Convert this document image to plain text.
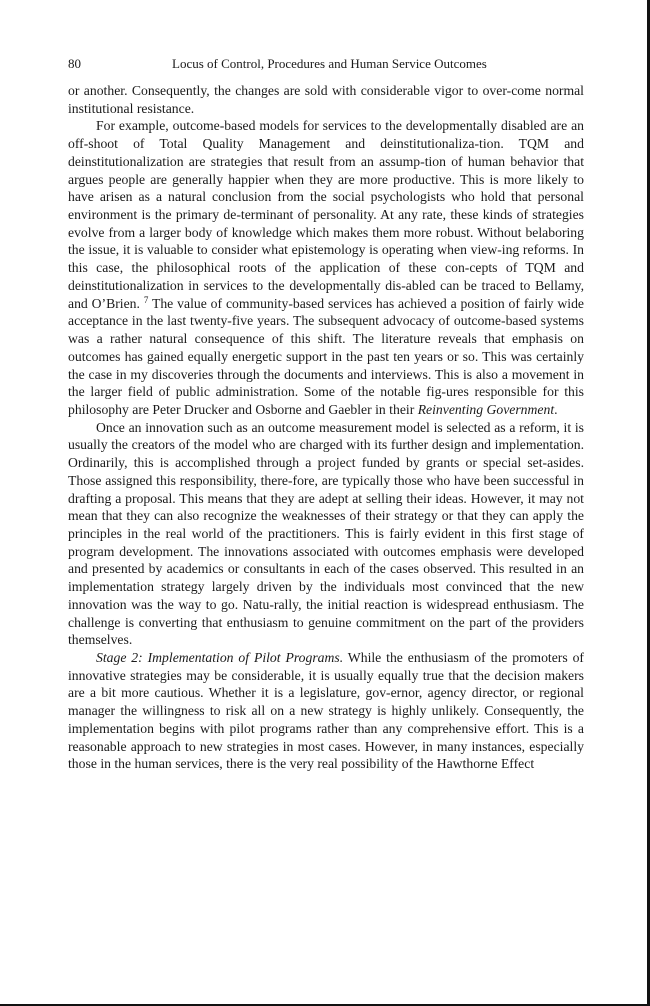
80	Locus of Control, Procedures and Human Service Outcomes

or another. Consequently, the changes are sold with considerable vigor to over-come normal institutional resistance.

For example, outcome-based models for services to the developmentally disabled are an off-shoot of Total Quality Management and deinstitutionaliza-tion. TQM and deinstitutionalization are strategies that result from an assump-tion of human behavior that argues people are generally happier when they are more productive. This is more likely to have arisen as a natural conclusion from the social psychologists who hold that personal environment is the primary de-terminant of personality. At any rate, these kinds of strategies evolve from a larger body of knowledge which makes them more robust. Without belaboring the issue, it is valuable to consider what epistemology is operating when view-ing reforms. In this case, the philosophical roots of the application of these con-cepts of TQM and deinstitutionalization in services to the developmentally dis-abled can be traced to Bellamy, and O’Brien. $^7$ The value of community-based services has achieved a position of fairly wide acceptance in the last twenty-five years. The subsequent advocacy of outcome-based systems was a rather natural consequence of this shift. The literature reveals that emphasis on outcomes has gained equally energetic support in the past ten years or so. This was certainly the case in my discoveries through the documents and interviews. This is also a movement in the larger field of public administration. Some of the notable fig-ures responsible for this philosophy are Peter Drucker and Osborne and Gaebler in their Reinventing Government.

Once an innovation such as an outcome measurement model is selected as a reform, it is usually the creators of the model who are charged with its further design and implementation. Ordinarily, this is accomplished through a project funded by grants or special set-asides. Those assigned this responsibility, there-fore, are typically those who have been successful in drafting a proposal. This means that they are adept at selling their ideas. However, it may not mean that they can also recognize the weaknesses of their strategy or that they can apply the principles in the real world of the practitioners. This is fairly evident in this first stage of program development. The innovations associated with outcomes emphasis were developed and presented by academics or consultants in each of the cases observed. This resulted in an implementation strategy largely driven by the individuals most convinced that the new innovation was the way to go. Natu-rally, the initial reaction is widespread enthusiasm. The challenge is converting that enthusiasm to genuine commitment on the part of the providers themselves.

Stage 2: Implementation of Pilot Programs. While the enthusiasm of the promoters of innovative strategies may be considerable, it is usually equally true that the decision makers are a bit more cautious. Whether it is a legislature, gov-ernor, agency director, or regional manager the willingness to risk all on a new strategy is highly unlikely. Consequently, the implementation begins with pilot programs rather than any comprehensive effort. This is a reasonable approach to new strategies in most cases. However, in many instances, especially those in the human services, there is the very real possibility of the Hawthorne Effect
